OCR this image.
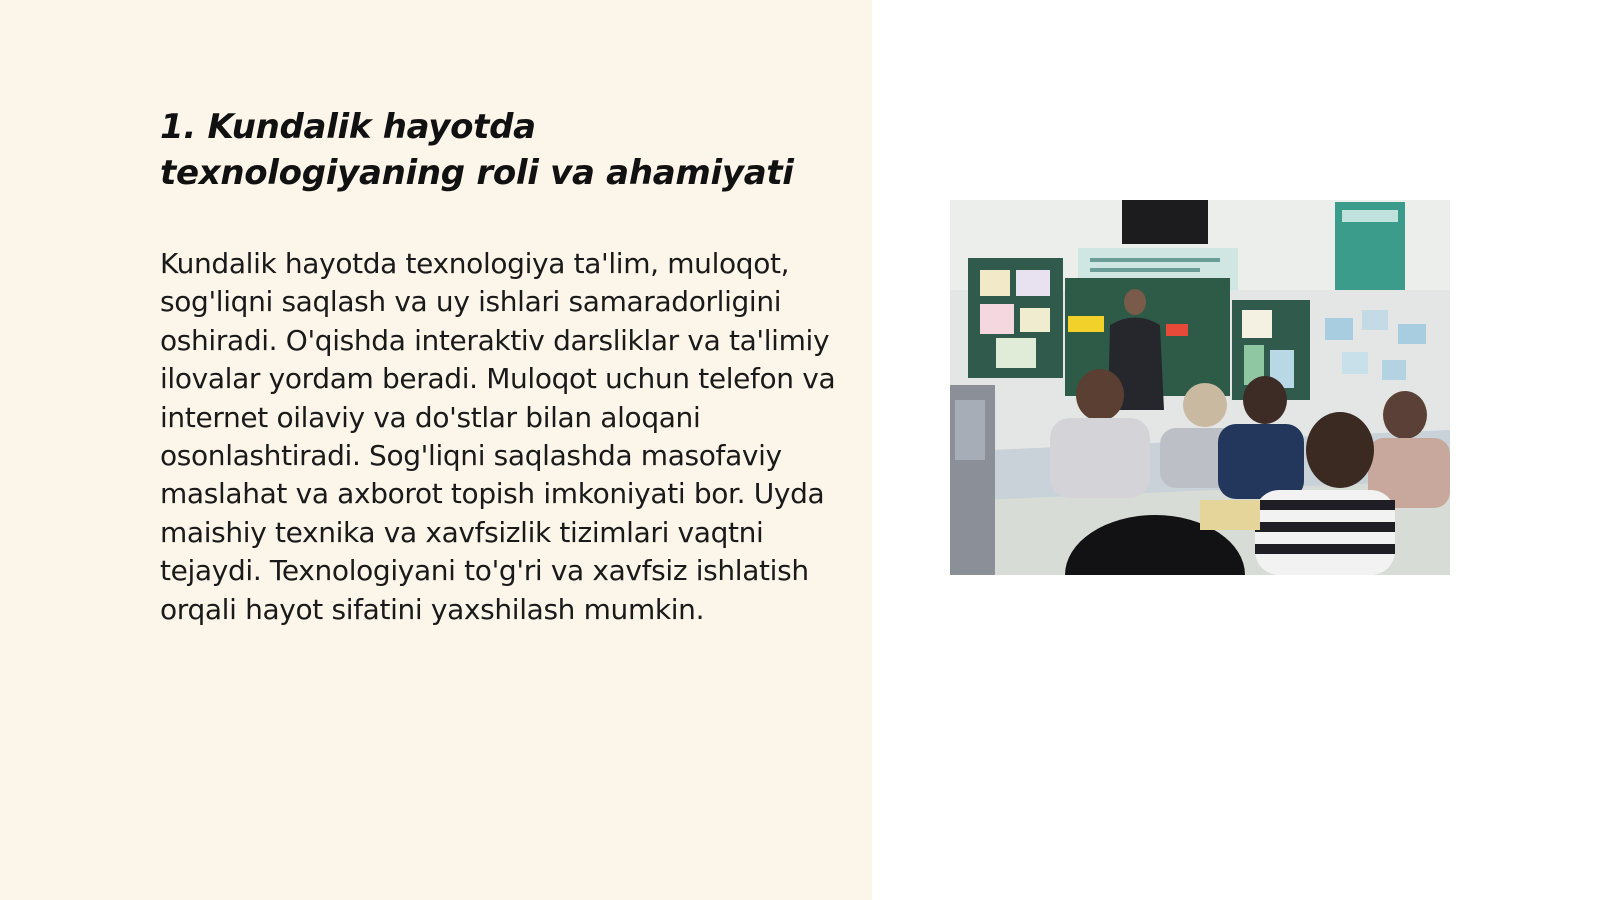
1. Kundalik hayotda texnologiyaning roli va ahamiyati

Kundalik hayotda texnologiya ta'lim, muloqot, sog'liqni saqlash va uy ishlari samaradorligini oshiradi. O'qishda interaktiv darsliklar va ta'limiy ilovalar yordam beradi. Muloqot uchun telefon va internet oilaviy va do'stlar bilan aloqani osonlashtiradi. Sog'liqni saqlashda masofaviy maslahat va axborot topish imkoniyati bor. Uyda maishiy texnika va xavfsizlik tizimlari vaqtni tejaydi. Texnologiyani to'g'ri va xavfsiz ishlatish orqali hayot sifatini yaxshilash mumkin.
